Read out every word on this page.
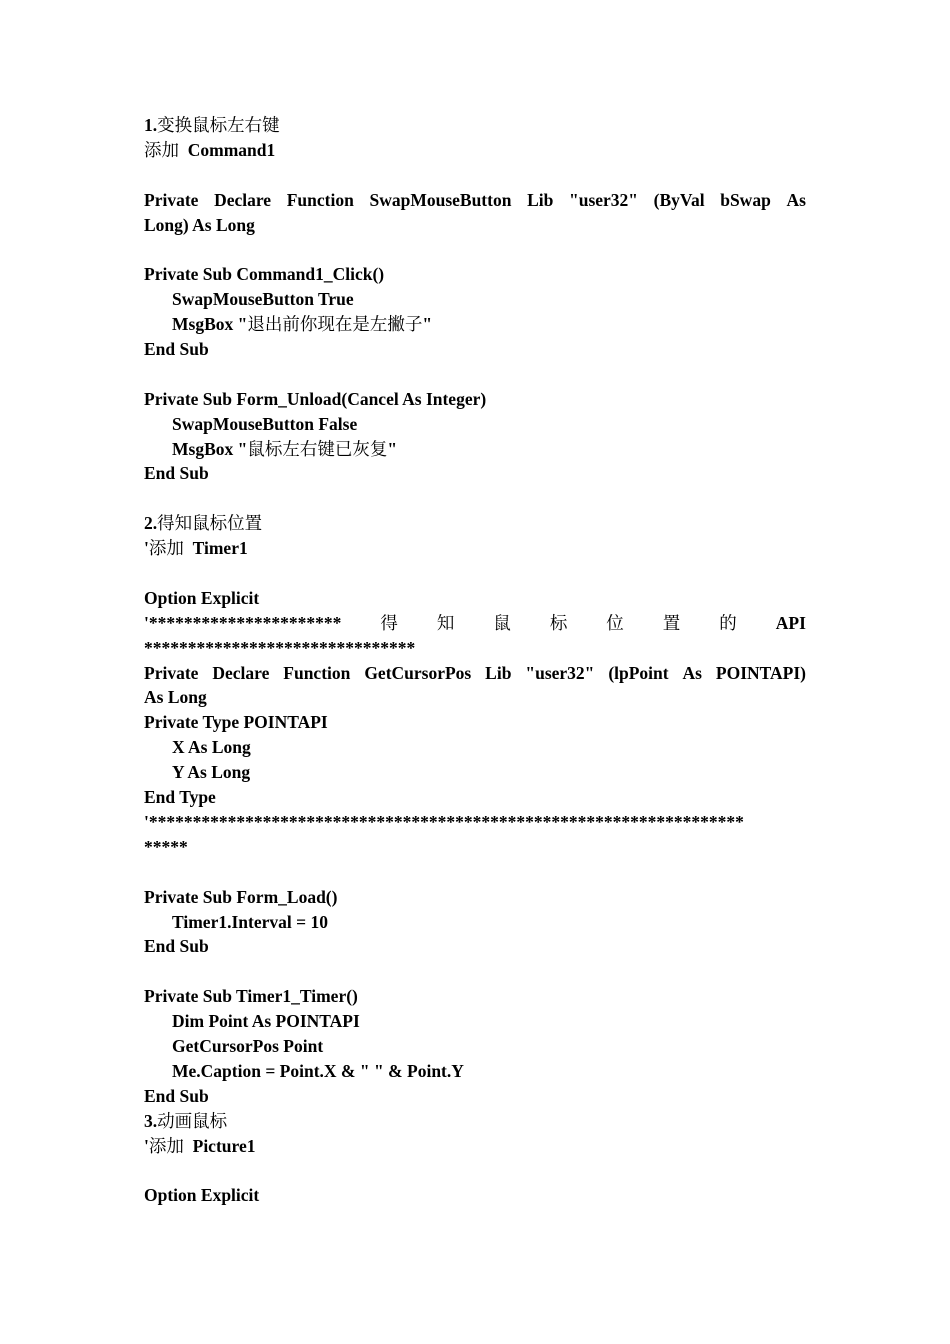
1.变换鼠标左右键
添加 Command1
Private Declare Function SwapMouseButton Lib "user32" (ByVal bSwap As
Long) As Long
Private Sub Command1_Click()
SwapMouseButton True
MsgBox "退出前你现在是左撇子"
End Sub
Private Sub Form_Unload(Cancel As Integer)
SwapMouseButton False
MsgBox "鼠标左右键已灰复"
End Sub
2.得知鼠标位置
'添加 Timer1
Option Explicit
'********************** 得 知 鼠 标 位 置 的 API
*******************************
Private Declare Function GetCursorPos Lib "user32" (lpPoint As POINTAPI)
As Long
Private Type POINTAPI
X As Long
Y As Long
End Type
'********************************************************************
*****
Private Sub Form_Load()
Timer1.Interval = 10
End Sub
Private Sub Timer1_Timer()
Dim Point As POINTAPI
GetCursorPos Point
Me.Caption = Point.X & " " & Point.Y
End Sub
3.动画鼠标
'添加 Picture1
Option Explicit
